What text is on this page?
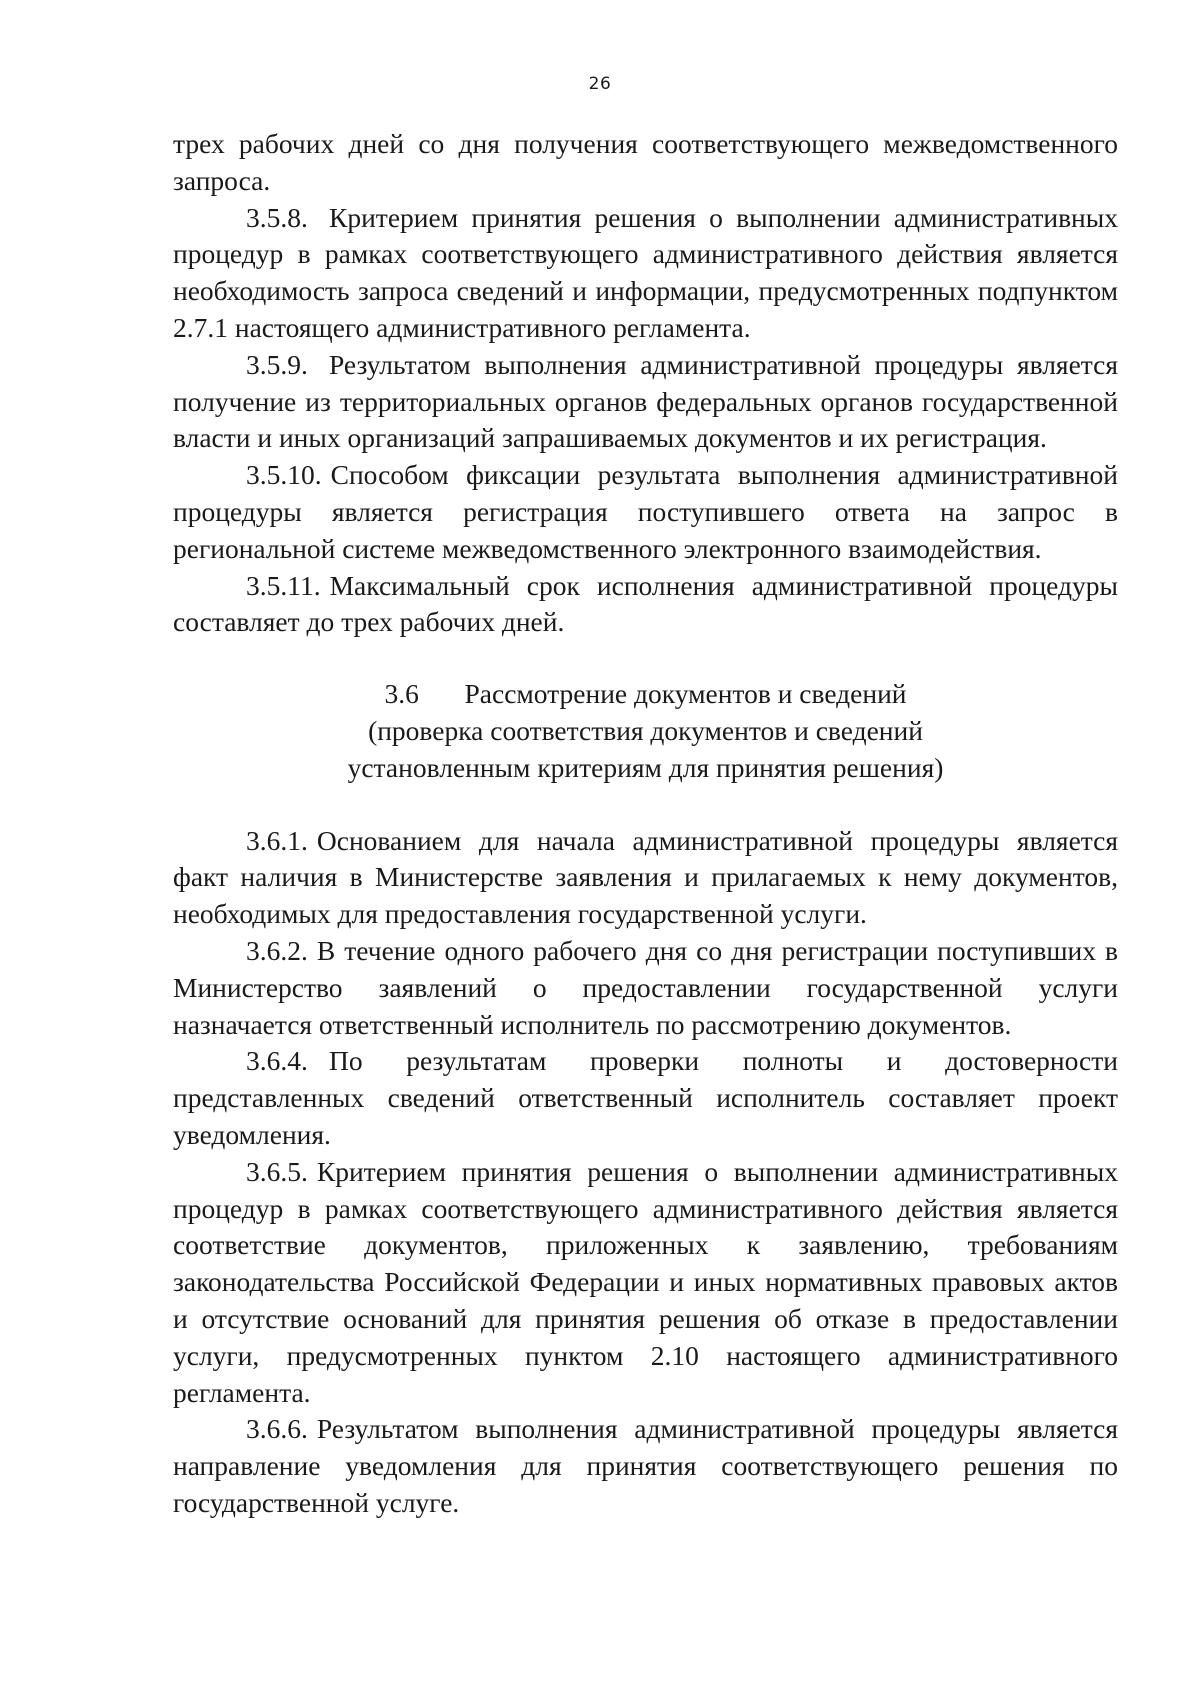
26

трех рабочих дней со дня получения соответствующего межведомственного запроса.

3.5.8. Критерием принятия решения о выполнении административных процедур в рамках соответствующего административного действия является необходимость запроса сведений и информации, предусмотренных подпунктом 2.7.1 настоящего административного регламента.

3.5.9. Результатом выполнения административной процедуры является получение из территориальных органов федеральных органов государственной власти и иных организаций запрашиваемых документов и их регистрация.

3.5.10. Способом фиксации результата выполнения административной процедуры является регистрация поступившего ответа на запрос в региональной системе межведомственного электронного взаимодействия.

3.5.11. Максимальный срок исполнения административной процедуры составляет до трех рабочих дней.

3.6 Рассмотрение документов и сведений
(проверка соответствия документов и сведений
установленным критериям для принятия решения)

3.6.1. Основанием для начала административной процедуры является факт наличия в Министерстве заявления и прилагаемых к нему документов, необходимых для предоставления государственной услуги.

3.6.2. В течение одного рабочего дня со дня регистрации поступивших в Министерство заявлений о предоставлении государственной услуги назначается ответственный исполнитель по рассмотрению документов.

3.6.4. По результатам проверки полноты и достоверности представленных сведений ответственный исполнитель составляет проект уведомления.

3.6.5. Критерием принятия решения о выполнении административных процедур в рамках соответствующего административного действия является соответствие документов, приложенных к заявлению, требованиям законодательства Российской Федерации и иных нормативных правовых актов и отсутствие оснований для принятия решения об отказе в предоставлении услуги, предусмотренных пунктом 2.10 настоящего административного регламента.

3.6.6. Результатом выполнения административной процедуры является направление уведомления для принятия соответствующего решения по государственной услуге.
